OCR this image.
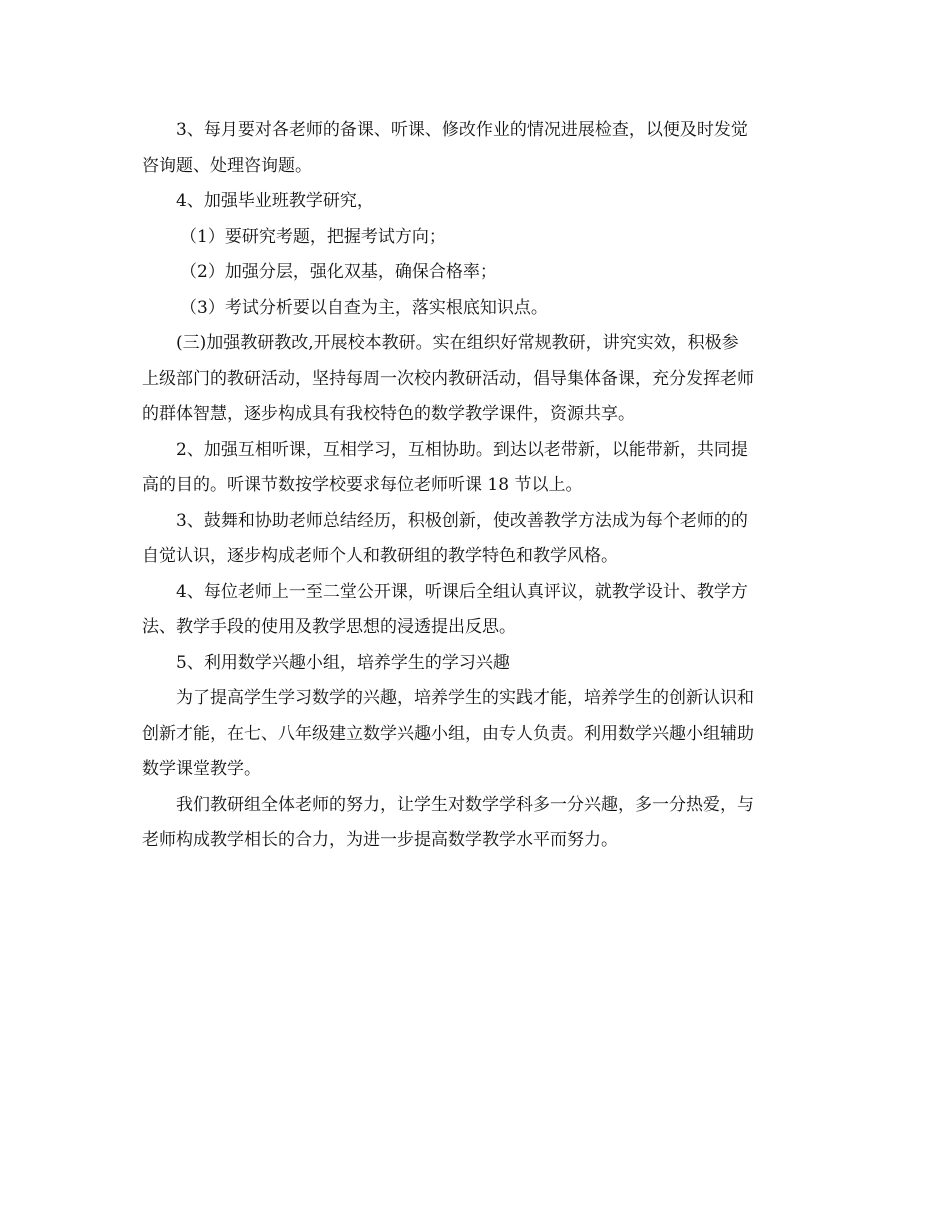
3、每月要对各老师的备课、听课、修改作业的情况进展检查，以便及时发觉
咨询题、处理咨询题。
4、加强毕业班教学研究，
（1）要研究考题，把握考试方向；
（2）加强分层，强化双基，确保合格率；
（3）考试分析要以自查为主，落实根底知识点。
(三)加强教研教改,开展校本教研。实在组织好常规教研，讲究实效，积极参
上级部门的教研活动，坚持每周一次校内教研活动，倡导集体备课，充分发挥老师
的群体智慧，逐步构成具有我校特色的数学教学课件，资源共享。
2、加强互相听课，互相学习，互相协助。到达以老带新，以能带新，共同提
高的目的。听课节数按学校要求每位老师听课 18 节以上。
3、鼓舞和协助老师总结经历，积极创新，使改善教学方法成为每个老师的的
自觉认识，逐步构成老师个人和教研组的教学特色和教学风格。
4、每位老师上一至二堂公开课，听课后全组认真评议，就教学设计、教学方
法、教学手段的使用及教学思想的浸透提出反思。
5、利用数学兴趣小组，培养学生的学习兴趣
为了提高学生学习数学的兴趣，培养学生的实践才能，培养学生的创新认识和
创新才能，在七、八年级建立数学兴趣小组，由专人负责。利用数学兴趣小组辅助
数学课堂教学。
我们教研组全体老师的努力，让学生对数学学科多一分兴趣，多一分热爱，与
老师构成教学相长的合力，为进一步提高数学教学水平而努力。
